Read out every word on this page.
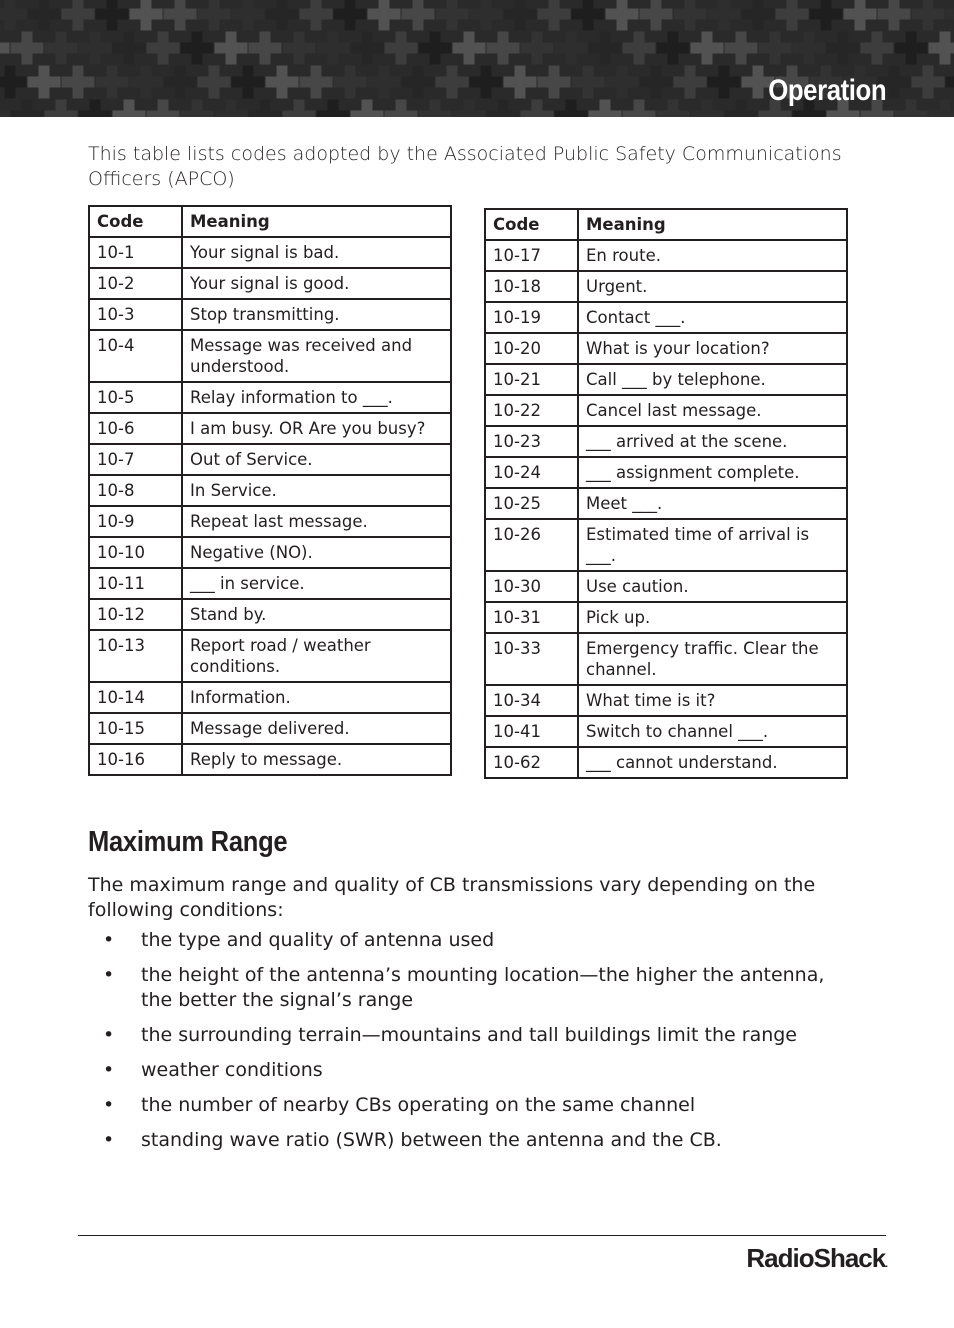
Operation
This table lists codes adopted by the Associated Public Safety Communications Officers (APCO)
Code	Meaning
10-1	Your signal is bad.
10-2	Your signal is good.
10-3	Stop transmitting.
10-4	Message was received and understood.
10-5	Relay information to ___.
10-6	I am busy. OR Are you busy?
10-7	Out of Service.
10-8	In Service.
10-9	Repeat last message.
10-10	Negative (NO).
10-11	___ in service.
10-12	Stand by.
10-13	Report road / weather conditions.
10-14	Information.
10-15	Message delivered.
10-16	Reply to message.
Code	Meaning
10-17	En route.
10-18	Urgent.
10-19	Contact ___.
10-20	What is your location?
10-21	Call ___ by telephone.
10-22	Cancel last message.
10-23	___ arrived at the scene.
10-24	___ assignment complete.
10-25	Meet ___.
10-26	Estimated time of arrival is ___.
10-30	Use caution.
10-31	Pick up.
10-33	Emergency traffic. Clear the channel.
10-34	What time is it?
10-41	Switch to channel ___.
10-62	___ cannot understand.
Maximum Range
The maximum range and quality of CB transmissions vary depending on the following conditions:
• the type and quality of antenna used
• the height of the antenna’s mounting location—the higher the antenna, the better the signal’s range
• the surrounding terrain—mountains and tall buildings limit the range
• weather conditions
• the number of nearby CBs operating on the same channel
• standing wave ratio (SWR) between the antenna and the CB.
RadioShack.
